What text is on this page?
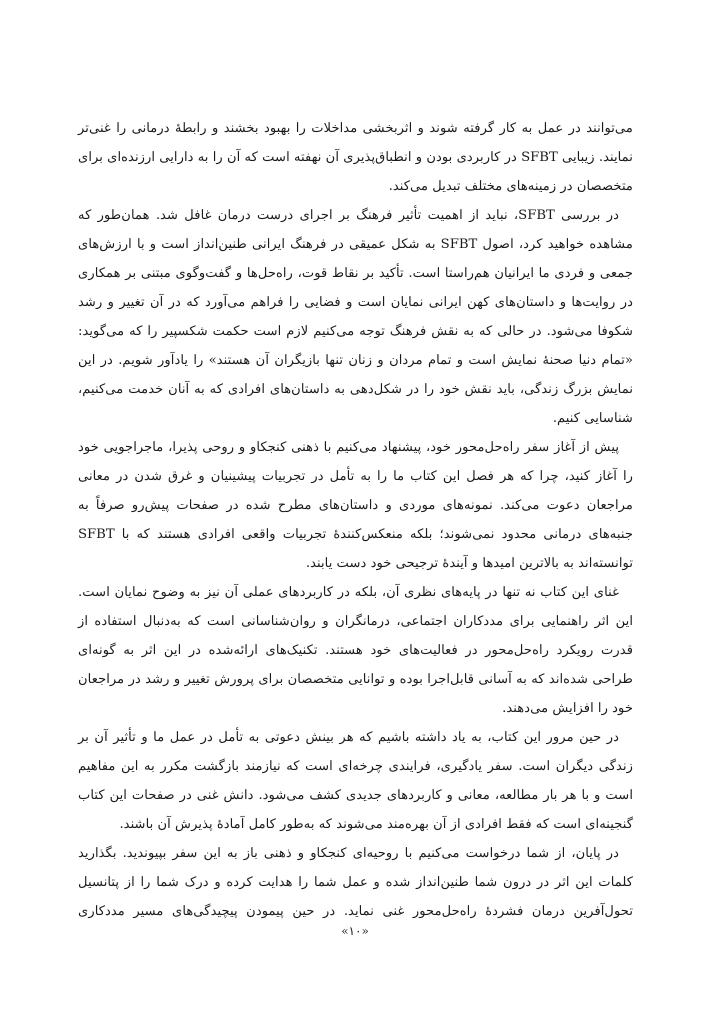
می‌توانند در عمل به کار گرفته شوند و اثربخشی مداخلات را بهبود بخشند و رابطهٔ درمانی را غنی‌تر نمایند. زیبایی SFBT در کاربردی بودن و انطباق‌پذیری آن نهفته است که آن را به دارایی ارزنده‌ای برای متخصصان در زمینه‌های مختلف تبدیل می‌کند.

در بررسی SFBT، نباید از اهمیت تأثیر فرهنگ بر اجرای درست درمان غافل شد. همان‌طور که مشاهده خواهید کرد، اصول SFBT به شکل عمیقی در فرهنگ ایرانی طنین‌انداز است و با ارزش‌های جمعی و فردی ما ایرانیان هم‌راستا است. تأکید بر نقاط قوت، راه‌حل‌ها و گفت‌وگوی مبتنی بر همکاری در روایت‌ها و داستان‌های کهن ایرانی نمایان است و فضایی را فراهم می‌آورد که در آن تغییر و رشد شکوفا می‌شود. در حالی که به نقش فرهنگ توجه می‌کنیم لازم است حکمت شکسپیر را که می‌گوید: «تمام دنیا صحنهٔ نمایش است و تمام مردان و زنان تنها بازیگران آن هستند» را یادآور شویم. در این نمایش بزرگ زندگی، باید نقش خود را در شکل‌دهی به داستان‌های افرادی که به آنان خدمت می‌کنیم، شناسایی کنیم.

پیش از آغاز سفر راه‌حل‌محور خود، پیشنهاد می‌کنیم با ذهنی کنجکاو و روحی پذیرا، ماجراجویی خود را آغاز کنید، چرا که هر فصل این کتاب ما را به تأمل در تجربیات پیشینیان و غرق شدن در معانی مراجعان دعوت می‌کند. نمونه‌های موردی و داستان‌های مطرح شده در صفحات پیش‌رو صرفاً به جنبه‌های درمانی محدود نمی‌شوند؛ بلکه منعکس‌کنندهٔ تجربیات واقعی افرادی هستند که با SFBT توانسته‌اند به بالاترین امیدها و آیندهٔ ترجیحی خود دست یابند.

غنای این کتاب نه تنها در پایه‌های نظری آن، بلکه در کاربردهای عملی آن نیز به وضوح نمایان است. این اثر راهنمایی برای مددکاران اجتماعی، درمانگران و روان‌شناسانی است که به‌دنبال استفاده از قدرت رویکرد راه‌حل‌محور در فعالیت‌های خود هستند. تکنیک‌های ارائه‌شده در این اثر به گونه‌ای طراحی شده‌اند که به آسانی قابل‌اجرا بوده و توانایی متخصصان برای پرورش تغییر و رشد در مراجعان خود را افزایش می‌دهند.

در حین مرور این کتاب، به یاد داشته باشیم که هر بینش دعوتی به تأمل در عمل ما و تأثیر آن بر زندگی دیگران است. سفر یادگیری، فرایندی چرخه‌ای است که نیازمند بازگشت مکرر به این مفاهیم است و با هر بار مطالعه، معانی و کاربردهای جدیدی کشف می‌شود. دانش غنی در صفحات این کتاب گنجینه‌ای است که فقط افرادی از آن بهره‌مند می‌شوند که به‌طور کامل آمادهٔ پذیرش آن باشند.

در پایان، از شما درخواست می‌کنیم با روحیه‌ای کنجکاو و ذهنی باز به این سفر بپیوندید. بگذارید کلمات این اثر در درون شما طنین‌انداز شده و عمل شما را هدایت کرده و درک شما را از پتانسیل تحول‌آفرین درمان فشردهٔ راه‌حل‌محور غنی نماید. در حین پیمودن پیچیدگی‌های مسیر مددکاری

«۱۰»
